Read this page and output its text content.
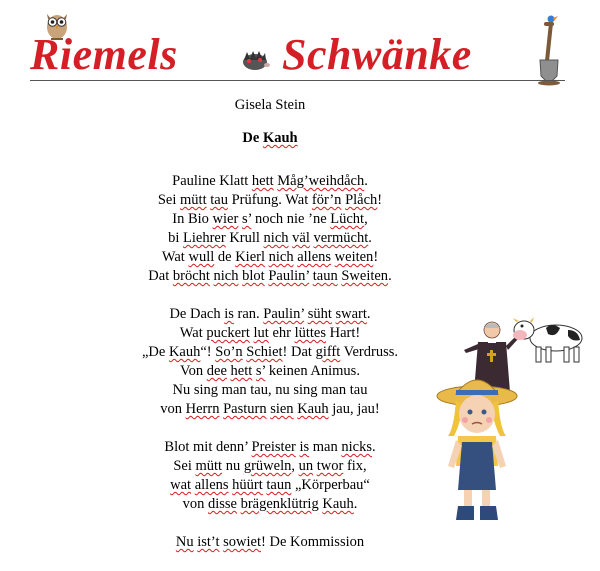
Riemels Schwänke
Gisela Stein
De Kauh
Pauline Klatt hett Måg’weihdåch.
Sei mütt tau Prüfung. Wat för’n Plåch!
In Bio wier s’ noch nie ’ne Lücht,
bi Liehrer Krull nich väl vermücht.
Wat wull de Kierl nich allens weiten!
Dat bröcht nich blot Paulin’ taun Sweiten.
De Dach is ran. Paulin’ süht swart.
Wat puckert lut ehr lüttes Hart!
„De Kauh“! So’n Schiet! Dat gifft Verdruss.
Von dee hett s’ keinen Animus.
Nu sing man tau, nu sing man tau
von Herrn Pasturn sien Kauh jau, jau!
Blot mit denn’ Preister is man nicks.
Sei mütt nu grüweln, un twor fix,
wat allens hüürt taun „Körperbau“
von disse brägenklütrig Kauh.
Nu ist’t sowiet! De Kommission
